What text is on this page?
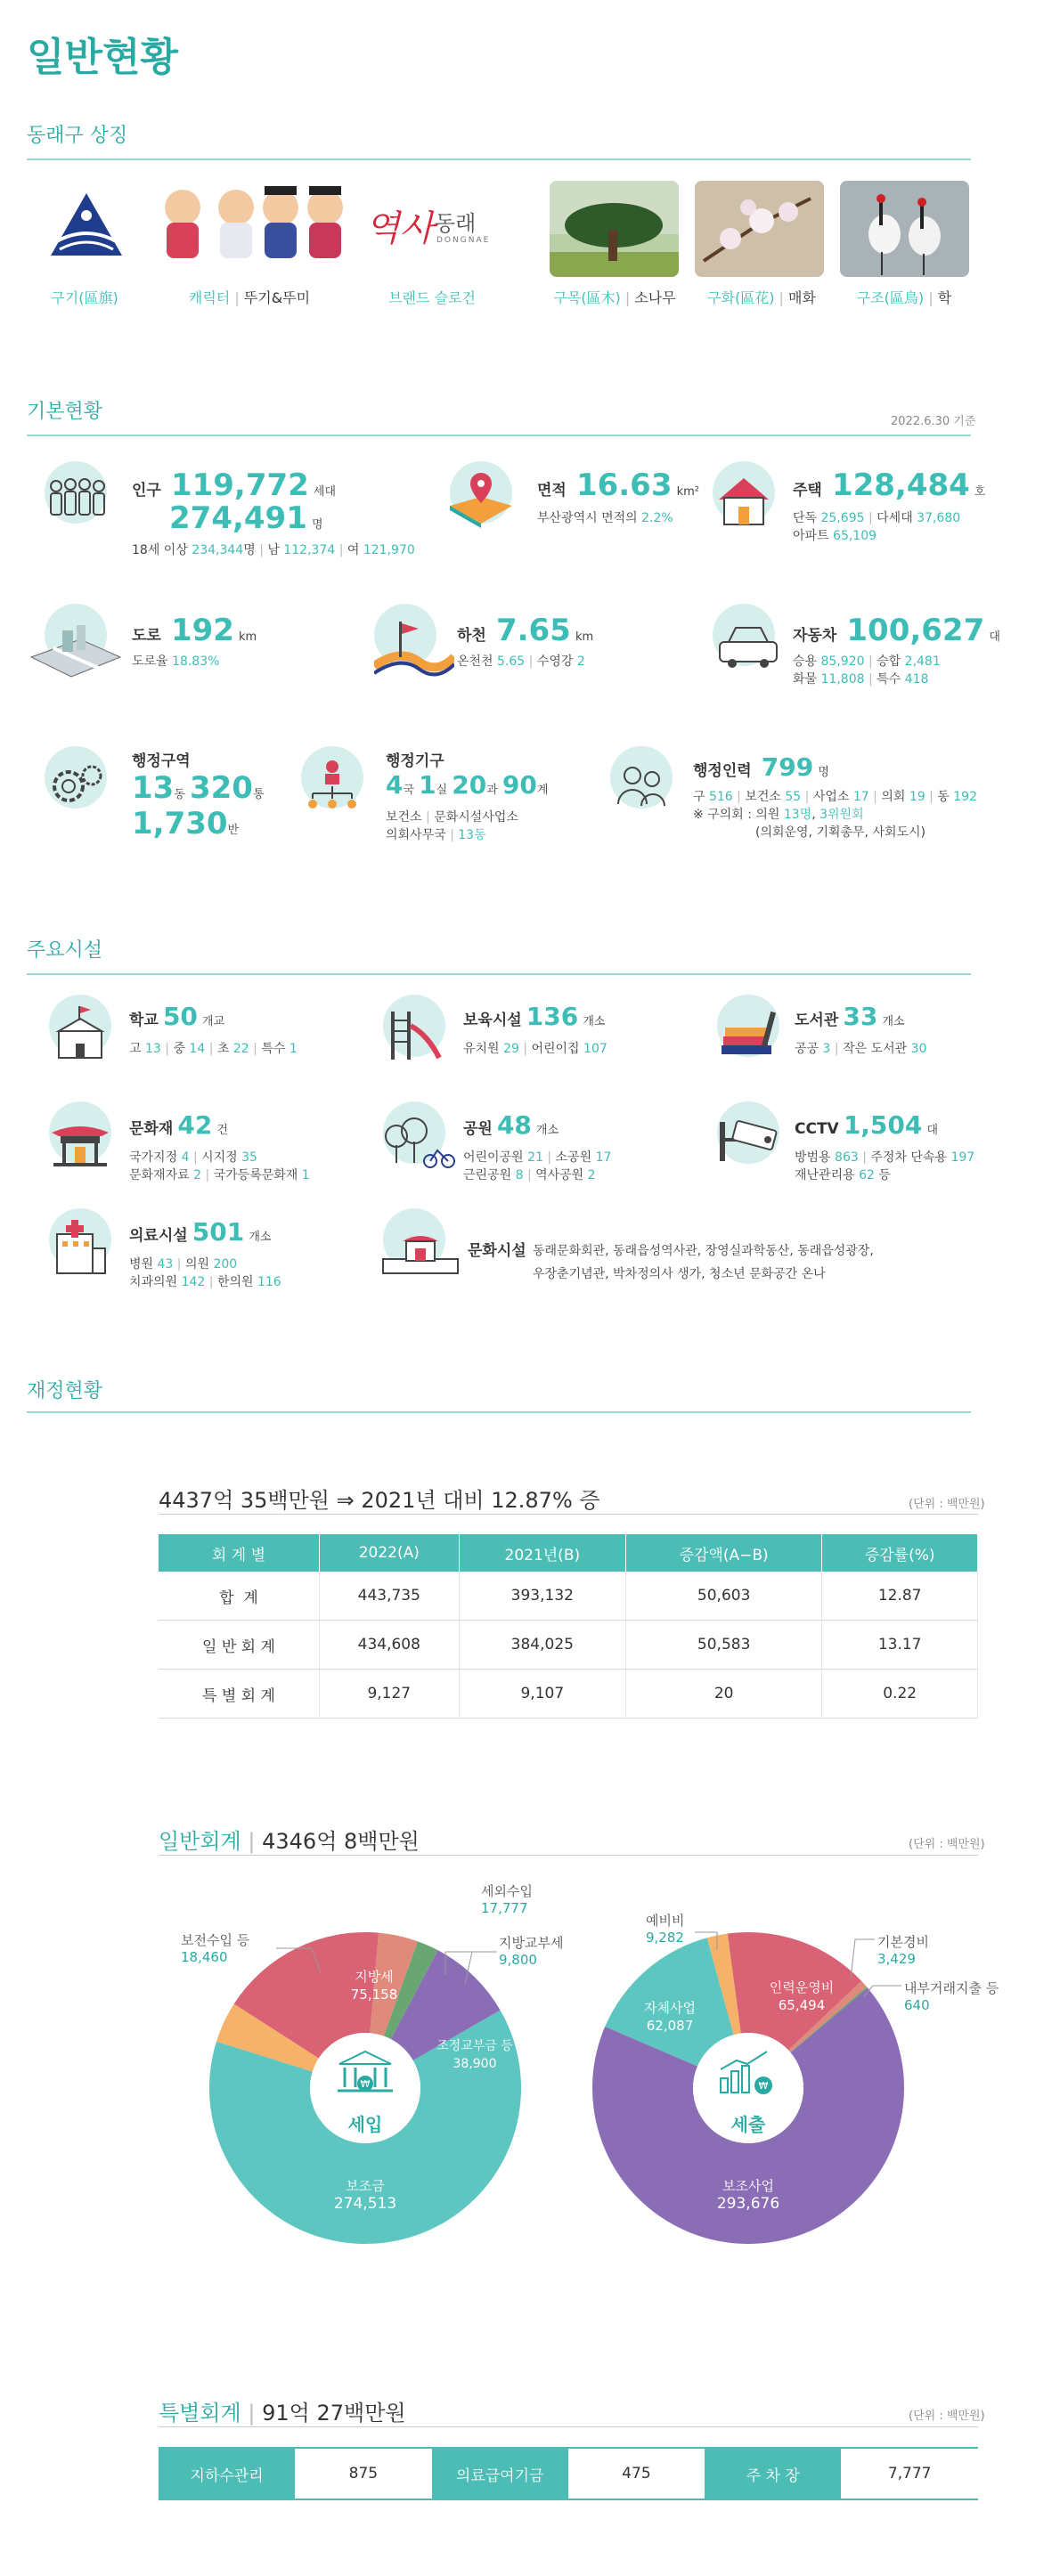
일반현황
동래구 상징
역사 동래
DONGNAE
구기(區旗)	캐릭터 | 뚜기&뚜미	브랜드 슬로건	구목(區木) | 소나무	구화(區花) | 매화	구조(區鳥) | 학
기본현황	2022.6.30 기준
인구 119,772 세대
274,491 명
18세 이상 234,344명 | 남 112,374 | 여 121,970
면적 16.63 km²
부산광역시 면적의 2.2%
주택 128,484 호
단독 25,695 | 다세대 37,680
아파트 65,109
도로 192 km
도로율 18.83%
하천 7.65 km
온천천 5.65 | 수영강 2
자동차 100,627 대
승용 85,920 | 승합 2,481
화물 11,808 | 특수 418
행정구역
13동 320통
1,730반
행정기구
4국 1실 20과 90계
보건소 | 문화시설사업소
의회사무국 | 13동
행정인력 799 명
구 516 | 보건소 55 | 사업소 17 | 의회 19 | 동 192
※ 구의회 : 의원 13명, 3위원회
(의회운영, 기획총무, 사회도시)
주요시설
학교 50 개교
고 13 | 중 14 | 초 22 | 특수 1
보육시설 136 개소
유치원 29 | 어린이집 107
도서관 33 개소
공공 3 | 작은 도서관 30
문화재 42 건
국가지정 4 | 시지정 35
문화재자료 2 | 국가등록문화재 1
공원 48 개소
어린이공원 21 | 소공원 17
근린공원 8 | 역사공원 2
CCTV 1,504 대
방범용 863 | 주정차 단속용 197
재난관리용 62 등
의료시설 501 개소
병원 43 | 의원 200
치과의원 142 | 한의원 116
문화시설 동래문화회관, 동래읍성역사관, 장영실과학동산, 동래읍성광장,
우장춘기념관, 박차정의사 생가, 청소년 문화공간 온나
재정현황
4437억 35백만원 ⇒ 2021년 대비 12.87% 증	(단위 : 백만원)
회 계 별	2022(A)	2021년(B)	증감액(A−B)	증감률(%)
합  계	443,735	393,132	50,603	12.87
일 반 회 계	434,608	384,025	50,583	13.17
특 별 회 계	9,127	9,107	20	0.22
일반회계 | 4346억 8백만원	(단위 : 백만원)
₩
세입
₩
세출
보조금
274,513
지방세
75,158
조정교부금 등
38,900
보전수입 등
18,460
세외수입
17,777
지방교부세
9,800
보조사업
293,676
자체사업
62,087
인력운영비
65,494
예비비
9,282	기본경비
3,429
내부거래지출 등
640
특별회계 | 91억 27백만원	(단위 : 백만원)
지하수관리	875	의료급여기금	475	주 차 장	7,777
